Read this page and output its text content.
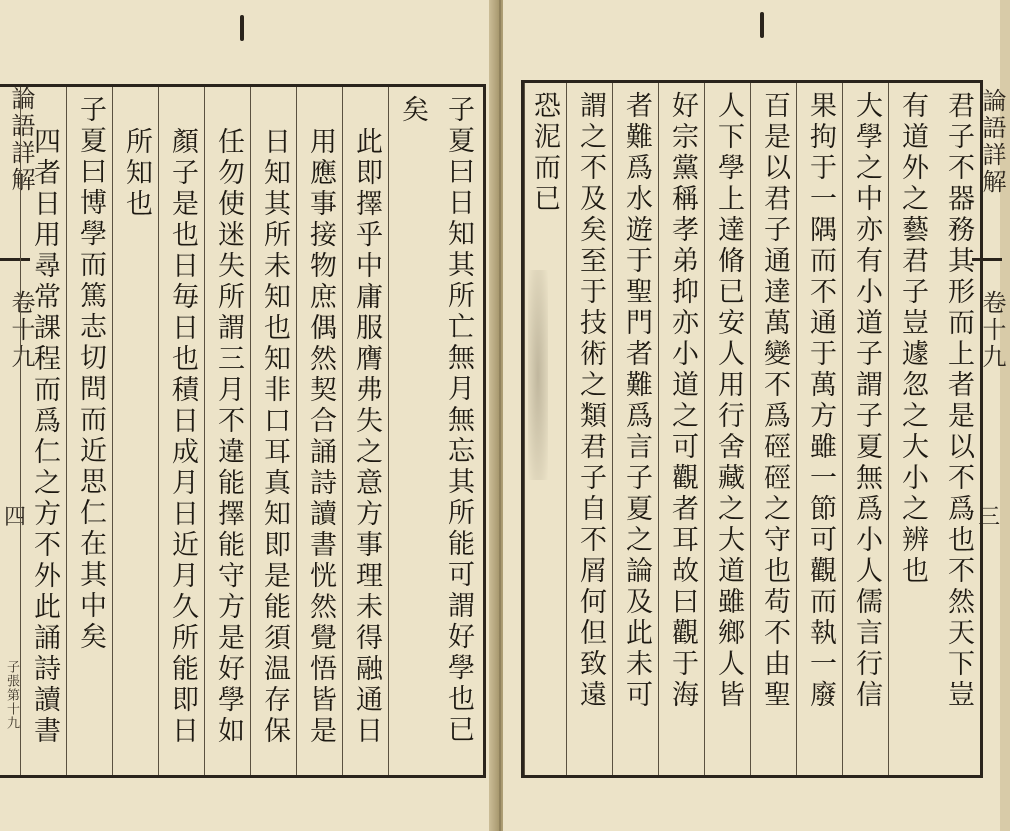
論語詳解
卷十九
四
子張第十九	子夏曰日知其所亡無月無忘其所能可謂好學也已
矣
此即擇乎中庸服膺弗失之意方事理未得融通日
用應事接物庶偶然契合誦詩讀書恍然覺悟皆是
日知其所未知也知非口耳真知即是能須温存保
任勿使迷失所謂三月不違能擇能守方是好學如
顏子是也日毎日也積日成月日近月久所能即日
所知也
子夏曰博學而篤志切問而近思仁在其中矣
四者日用尋常課程而爲仁之方不外此誦詩讀書	君子不器務其形而上者是以不爲也不然天下豈
有道外之藝君子豈遽忽之大小之辨也
大學之中亦有小道子謂子夏無爲小人儒言行信
果拘于一隅而不通于萬方雖一節可觀而執一廢
百是以君子通達萬變不爲硜硜之守也苟不由聖
人下學上達脩已安人用行舍藏之大道雖鄉人皆
好宗黨稱孝弟抑亦小道之可觀者耳故曰觀于海
者難爲水遊于聖門者難爲言子夏之論及此未可
謂之不及矣至于技術之類君子自不屑何但致遠
恐泥而已	論語詳解
卷十九
三
